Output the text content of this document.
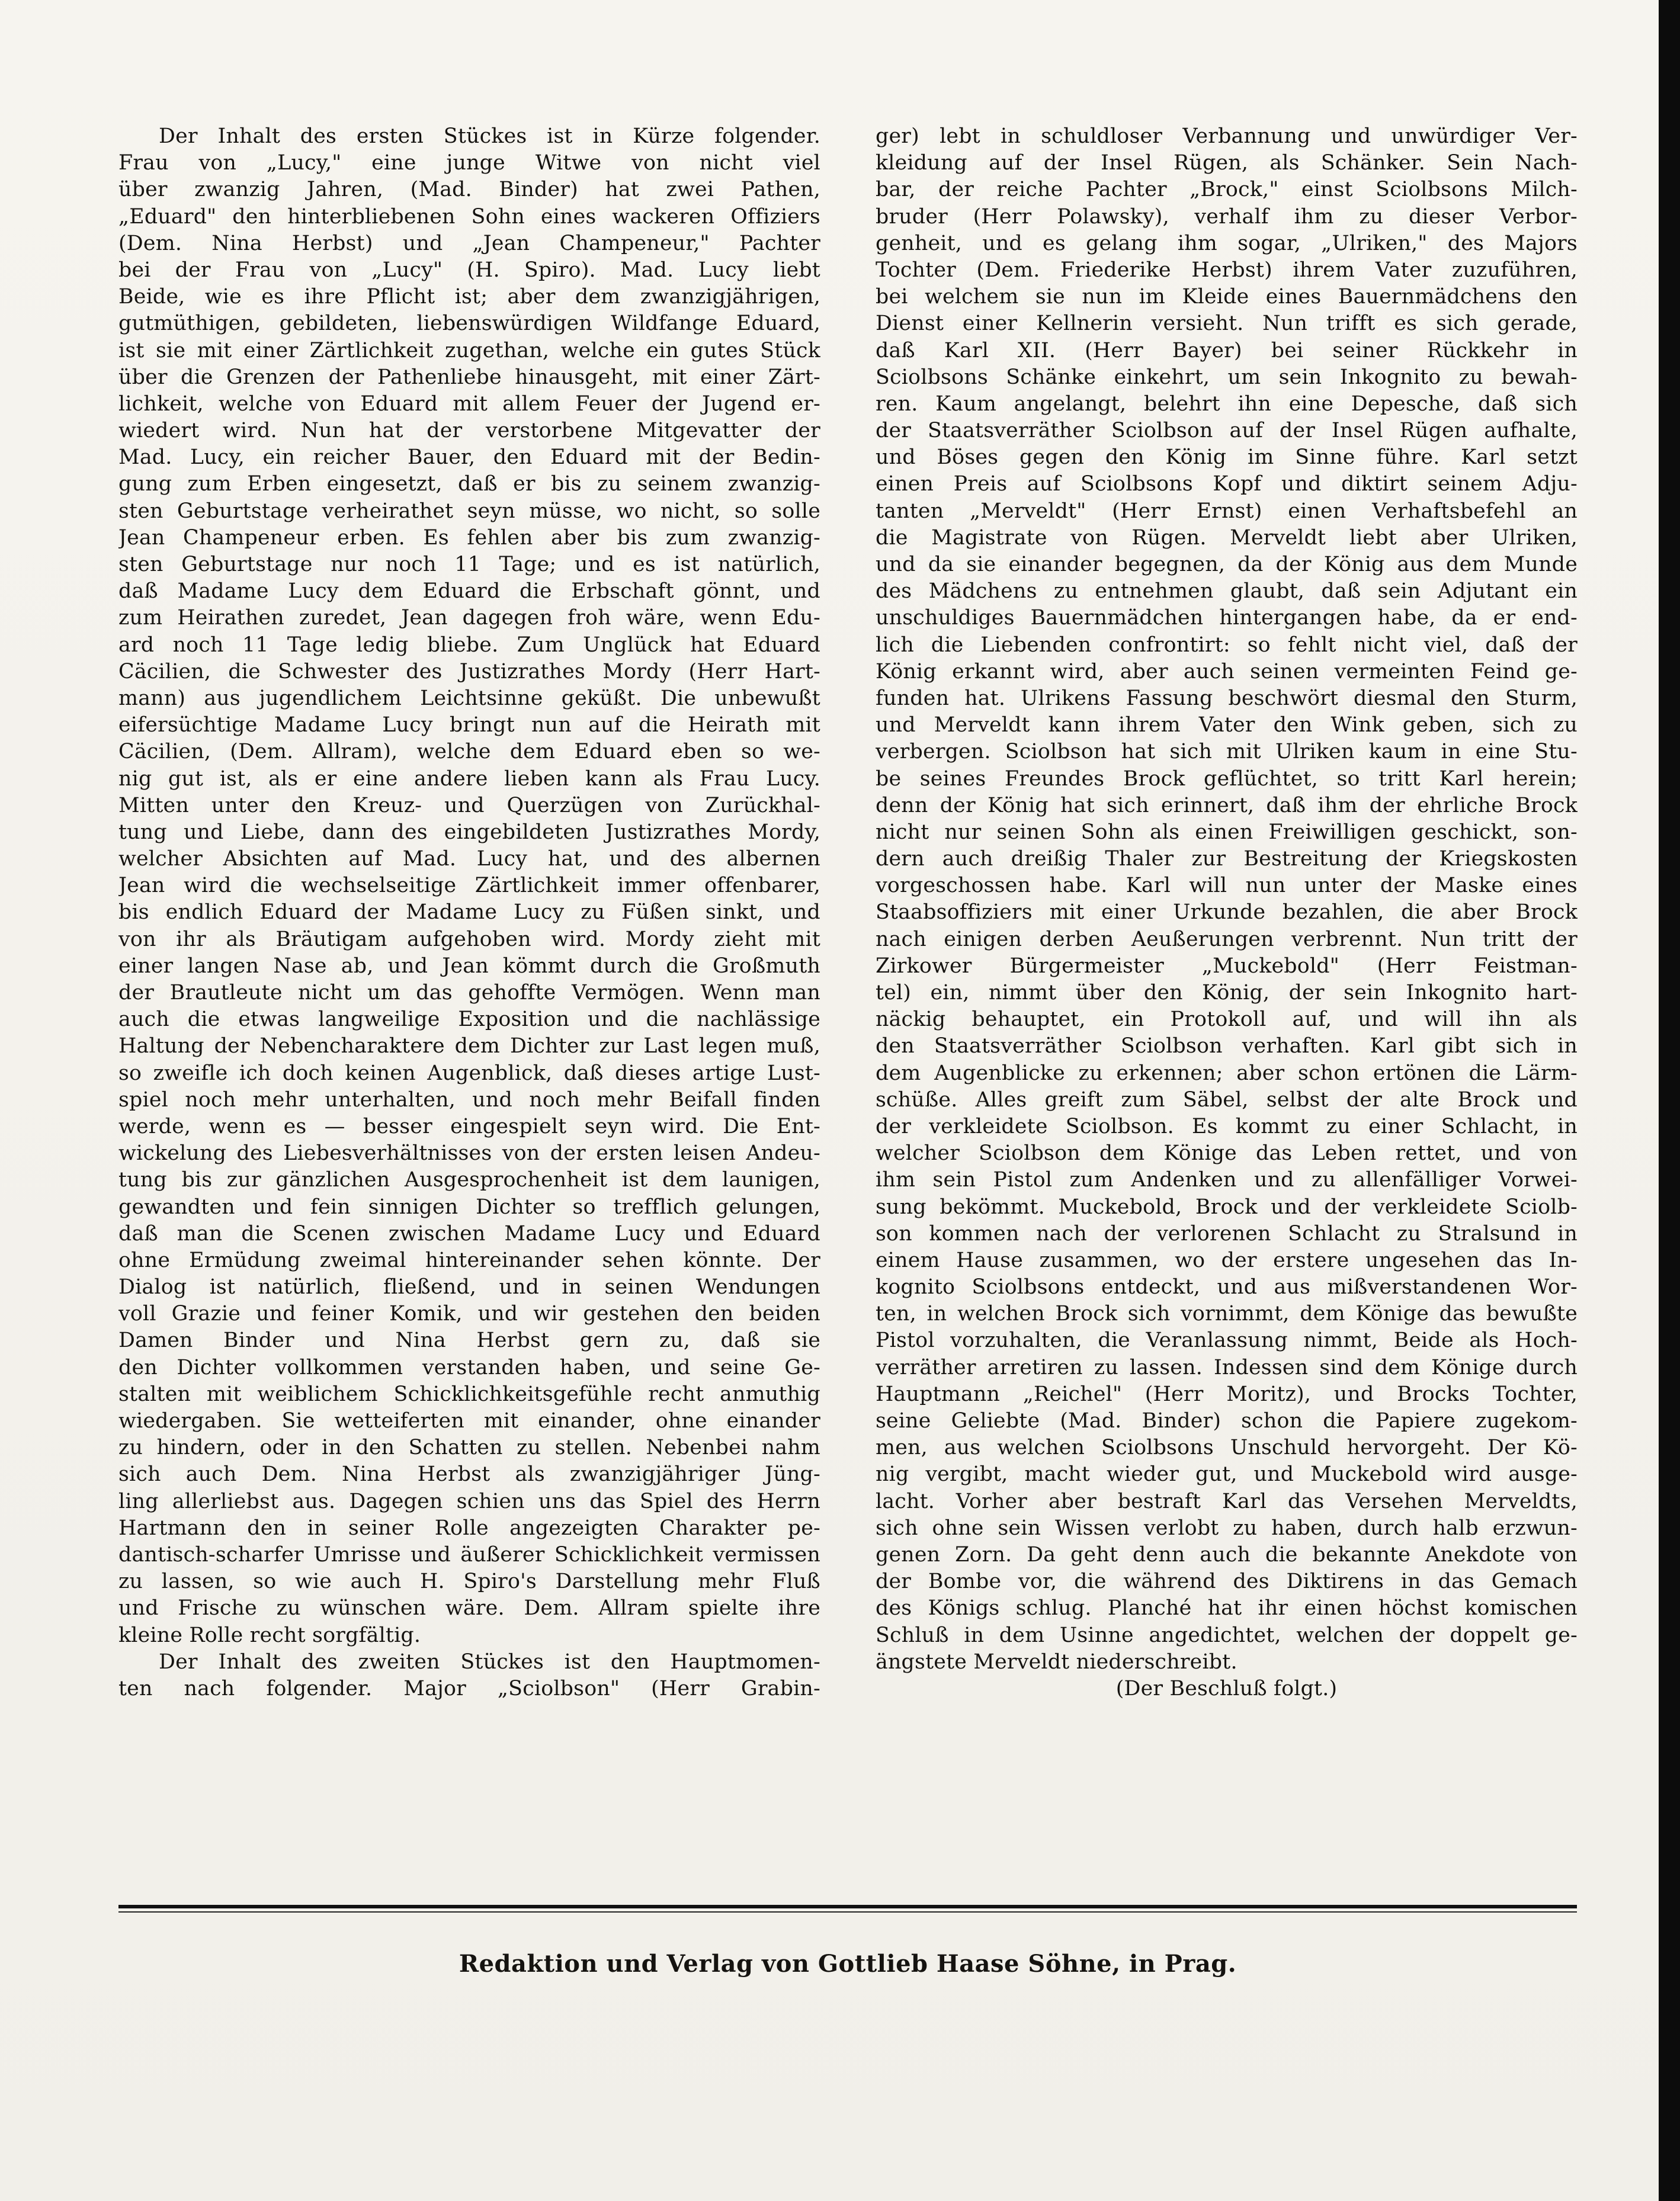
Der Inhalt des ersten Stückes ist in Kürze folgender.
Frau von „Lucy," eine junge Witwe von nicht viel
über zwanzig Jahren, (Mad. Binder) hat zwei Pathen,
„Eduard" den hinterbliebenen Sohn eines wackeren Offiziers
(Dem. Nina Herbst) und „Jean Champeneur," Pachter
bei der Frau von „Lucy" (H. Spiro). Mad. Lucy liebt
Beide, wie es ihre Pflicht ist; aber dem zwanzigjährigen,
gutmüthigen, gebildeten, liebenswürdigen Wildfange Eduard,
ist sie mit einer Zärtlichkeit zugethan, welche ein gutes Stück
über die Grenzen der Pathenliebe hinausgeht, mit einer Zärt-
lichkeit, welche von Eduard mit allem Feuer der Jugend er-
wiedert wird. Nun hat der verstorbene Mitgevatter der
Mad. Lucy, ein reicher Bauer, den Eduard mit der Bedin-
gung zum Erben eingesetzt, daß er bis zu seinem zwanzig-
sten Geburtstage verheirathet seyn müsse, wo nicht, so solle
Jean Champeneur erben. Es fehlen aber bis zum zwanzig-
sten Geburtstage nur noch 11 Tage; und es ist natürlich,
daß Madame Lucy dem Eduard die Erbschaft gönnt, und
zum Heirathen zuredet, Jean dagegen froh wäre, wenn Edu-
ard noch 11 Tage ledig bliebe. Zum Unglück hat Eduard
Cäcilien, die Schwester des Justizrathes Mordy (Herr Hart-
mann) aus jugendlichem Leichtsinne geküßt. Die unbewußt
eifersüchtige Madame Lucy bringt nun auf die Heirath mit
Cäcilien, (Dem. Allram), welche dem Eduard eben so we-
nig gut ist, als er eine andere lieben kann als Frau Lucy.
Mitten unter den Kreuz- und Querzügen von Zurückhal-
tung und Liebe, dann des eingebildeten Justizrathes Mordy,
welcher Absichten auf Mad. Lucy hat, und des albernen
Jean wird die wechselseitige Zärtlichkeit immer offenbarer,
bis endlich Eduard der Madame Lucy zu Füßen sinkt, und
von ihr als Bräutigam aufgehoben wird. Mordy zieht mit
einer langen Nase ab, und Jean kömmt durch die Großmuth
der Brautleute nicht um das gehoffte Vermögen. Wenn man
auch die etwas langweilige Exposition und die nachlässige
Haltung der Nebencharaktere dem Dichter zur Last legen muß,
so zweifle ich doch keinen Augenblick, daß dieses artige Lust-
spiel noch mehr unterhalten, und noch mehr Beifall finden
werde, wenn es — besser eingespielt seyn wird. Die Ent-
wickelung des Liebesverhältnisses von der ersten leisen Andeu-
tung bis zur gänzlichen Ausgesprochenheit ist dem launigen,
gewandten und fein sinnigen Dichter so trefflich gelungen,
daß man die Scenen zwischen Madame Lucy und Eduard
ohne Ermüdung zweimal hintereinander sehen könnte. Der
Dialog ist natürlich, fließend, und in seinen Wendungen
voll Grazie und feiner Komik, und wir gestehen den beiden
Damen Binder und Nina Herbst gern zu, daß sie
den Dichter vollkommen verstanden haben, und seine Ge-
stalten mit weiblichem Schicklichkeitsgefühle recht anmuthig
wiedergaben. Sie wetteiferten mit einander, ohne einander
zu hindern, oder in den Schatten zu stellen. Nebenbei nahm
sich auch Dem. Nina Herbst als zwanzigjähriger Jüng-
ling allerliebst aus. Dagegen schien uns das Spiel des Herrn
Hartmann den in seiner Rolle angezeigten Charakter pe-
dantisch-scharfer Umrisse und äußerer Schicklichkeit vermissen
zu lassen, so wie auch H. Spiro's Darstellung mehr Fluß
und Frische zu wünschen wäre. Dem. Allram spielte ihre
kleine Rolle recht sorgfältig.
Der Inhalt des zweiten Stückes ist den Hauptmomen-
ten nach folgender. Major „Sciolbson" (Herr Grabin-
ger) lebt in schuldloser Verbannung und unwürdiger Ver-
kleidung auf der Insel Rügen, als Schänker. Sein Nach-
bar, der reiche Pachter „Brock," einst Sciolbsons Milch-
bruder (Herr Polawsky), verhalf ihm zu dieser Verbor-
genheit, und es gelang ihm sogar, „Ulriken," des Majors
Tochter (Dem. Friederike Herbst) ihrem Vater zuzuführen,
bei welchem sie nun im Kleide eines Bauernmädchens den
Dienst einer Kellnerin versieht. Nun trifft es sich gerade,
daß Karl XII. (Herr Bayer) bei seiner Rückkehr in
Sciolbsons Schänke einkehrt, um sein Inkognito zu bewah-
ren. Kaum angelangt, belehrt ihn eine Depesche, daß sich
der Staatsverräther Sciolbson auf der Insel Rügen aufhalte,
und Böses gegen den König im Sinne führe. Karl setzt
einen Preis auf Sciolbsons Kopf und diktirt seinem Adju-
tanten „Merveldt" (Herr Ernst) einen Verhaftsbefehl an
die Magistrate von Rügen. Merveldt liebt aber Ulriken,
und da sie einander begegnen, da der König aus dem Munde
des Mädchens zu entnehmen glaubt, daß sein Adjutant ein
unschuldiges Bauernmädchen hintergangen habe, da er end-
lich die Liebenden confrontirt: so fehlt nicht viel, daß der
König erkannt wird, aber auch seinen vermeinten Feind ge-
funden hat. Ulrikens Fassung beschwört diesmal den Sturm,
und Merveldt kann ihrem Vater den Wink geben, sich zu
verbergen. Sciolbson hat sich mit Ulriken kaum in eine Stu-
be seines Freundes Brock geflüchtet, so tritt Karl herein;
denn der König hat sich erinnert, daß ihm der ehrliche Brock
nicht nur seinen Sohn als einen Freiwilligen geschickt, son-
dern auch dreißig Thaler zur Bestreitung der Kriegskosten
vorgeschossen habe. Karl will nun unter der Maske eines
Staabsoffiziers mit einer Urkunde bezahlen, die aber Brock
nach einigen derben Aeußerungen verbrennt. Nun tritt der
Zirkower Bürgermeister „Muckebold" (Herr Feistman-
tel) ein, nimmt über den König, der sein Inkognito hart-
näckig behauptet, ein Protokoll auf, und will ihn als
den Staatsverräther Sciolbson verhaften. Karl gibt sich in
dem Augenblicke zu erkennen; aber schon ertönen die Lärm-
schüße. Alles greift zum Säbel, selbst der alte Brock und
der verkleidete Sciolbson. Es kommt zu einer Schlacht, in
welcher Sciolbson dem Könige das Leben rettet, und von
ihm sein Pistol zum Andenken und zu allenfälliger Vorwei-
sung bekömmt. Muckebold, Brock und der verkleidete Sciolb-
son kommen nach der verlorenen Schlacht zu Stralsund in
einem Hause zusammen, wo der erstere ungesehen das In-
kognito Sciolbsons entdeckt, und aus mißverstandenen Wor-
ten, in welchen Brock sich vornimmt, dem Könige das bewußte
Pistol vorzuhalten, die Veranlassung nimmt, Beide als Hoch-
verräther arretiren zu lassen. Indessen sind dem Könige durch
Hauptmann „Reichel" (Herr Moritz), und Brocks Tochter,
seine Geliebte (Mad. Binder) schon die Papiere zugekom-
men, aus welchen Sciolbsons Unschuld hervorgeht. Der Kö-
nig vergibt, macht wieder gut, und Muckebold wird ausge-
lacht. Vorher aber bestraft Karl das Versehen Merveldts,
sich ohne sein Wissen verlobt zu haben, durch halb erzwun-
genen Zorn. Da geht denn auch die bekannte Anekdote von
der Bombe vor, die während des Diktirens in das Gemach
des Königs schlug. Planché hat ihr einen höchst komischen
Schluß in dem Usinne angedichtet, welchen der doppelt ge-
ängstete Merveldt niederschreibt.
(Der Beschluß folgt.)
Redaktion und Verlag von Gottlieb Haase Söhne, in Prag.
